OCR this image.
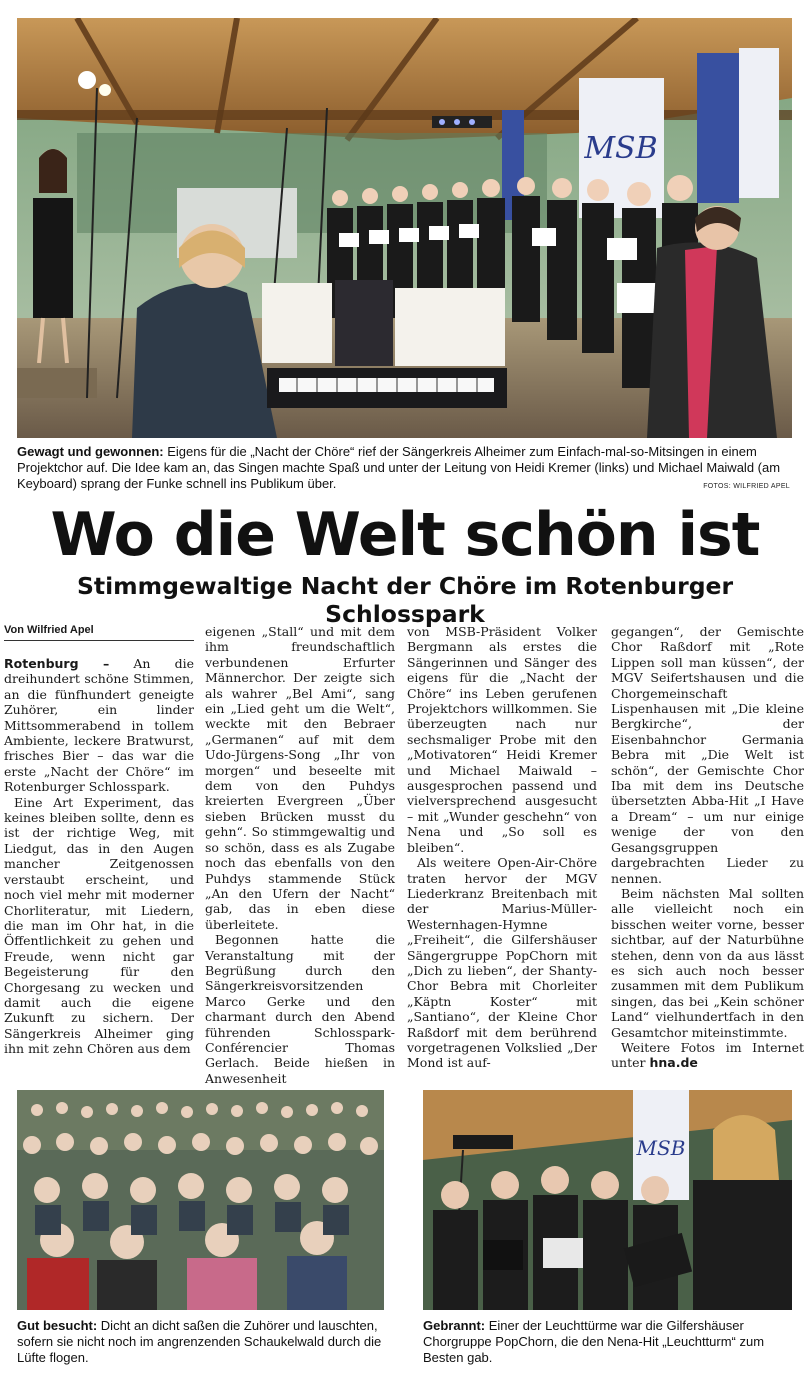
MSB

Gewagt und gewonnen: Eigens für die „Nacht der Chöre“ rief der Sängerkreis Alheimer zum Einfach-mal-so-Mitsingen in einem Projektchor auf. Die Idee kam an, das Singen machte Spaß und unter der Leitung von Heidi Kremer (links) und Michael Maiwald (am Keyboard) sprang der Funke schnell ins Publikum über.	FOTOS: WILFRIED APEL
Wo die Welt schön ist
Stimmgewaltige Nacht der Chöre im Rotenburger Schlosspark
Von Wilfried Apel

Rotenburg – An die dreihundert schöne Stimmen, an die fünfhundert geneigte Zuhörer, ein linder Mittsommerabend in tollem Ambiente, leckere Bratwurst, frisches Bier – das war die erste „Nacht der Chöre“ im Rotenburger Schlosspark.

Eine Art Experiment, das keines bleiben sollte, denn es ist der richtige Weg, mit Liedgut, das in den Augen mancher Zeitgenossen verstaubt erscheint, und noch viel mehr mit moderner Chorliteratur, mit Liedern, die man im Ohr hat, in die Öffentlichkeit zu gehen und Freude, wenn nicht gar Begeisterung für den Chorgesang zu wecken und damit auch die eigene Zukunft zu sichern. Der Sängerkreis Alheimer ging ihn mit zehn Chören aus dem

eigenen „Stall“ und mit dem ihm freundschaftlich verbundenen Erfurter Männerchor. Der zeigte sich als wahrer „Bel Ami“, sang ein „Lied geht um die Welt“, weckte mit den Bebraer „Germanen“ auf mit dem Udo-Jürgens-Song „Ihr von morgen“ und beseelte mit dem von den Puhdys kreierten Evergreen „Über sieben Brücken musst du gehn“. So stimmgewaltig und so schön, dass es als Zugabe noch das ebenfalls von den Puhdys stammende Stück „An den Ufern der Nacht“ gab, das in eben diese überleitete.

Begonnen hatte die Veranstaltung mit der Begrüßung durch den Sängerkreisvorsitzenden Marco Gerke und den charmant durch den Abend führenden Schlosspark-Conférencier Thomas Gerlach. Beide hießen in Anwesenheit

von MSB-Präsident Volker Bergmann als erstes die Sängerinnen und Sänger des eigens für die „Nacht der Chöre“ ins Leben gerufenen Projektchors willkommen. Sie überzeugten nach nur sechsmaliger Probe mit den „Motivatoren“ Heidi Kremer und Michael Maiwald – ausgesprochen passend und vielversprechend ausgesucht – mit „Wunder geschehn“ von Nena und „So soll es bleiben“.

Als weitere Open-Air-Chöre traten hervor der MGV Liederkranz Breitenbach mit der Marius-Müller-Westernhagen-Hymne „Freiheit“, die Gilfershäuser Sängergruppe PopChorn mit „Dich zu lieben“, der Shanty-Chor Bebra mit Chorleiter „Käptn Koster“ mit „Santiano“, der Kleine Chor Raßdorf mit dem berührend vorgetragenen Volkslied „Der Mond ist auf-

gegangen“, der Gemischte Chor Raßdorf mit „Rote Lippen soll man küssen“, der MGV Seifertshausen und die Chorgemeinschaft Lispenhausen mit „Die kleine Bergkirche“, der Eisenbahnchor Germania Bebra mit „Die Welt ist schön“, der Gemischte Chor Iba mit dem ins Deutsche übersetzten Abba-Hit „I Have a Dream“ – um nur einige wenige der von den Gesangsgruppen dargebrachten Lieder zu nennen.

Beim nächsten Mal sollten alle vielleicht noch ein bisschen weiter vorne, besser sichtbar, auf der Naturbühne stehen, denn von da aus lässt es sich auch noch besser zusammen mit dem Publikum singen, das bei „Kein schöner Land“ vielhundertfach in den Gesamtchor miteinstimmte.

Weitere Fotos im Internet unter hna.de

Gut besucht: Dicht an dicht saßen die Zuhörer und lauschten, sofern sie nicht noch im angrenzenden Schaukelwald durch die Lüfte flogen.

MSB

Gebrannt: Einer der Leuchttürme war die Gilfershäuser Chorgruppe PopChorn, die den Nena-Hit „Leuchtturm“ zum Besten gab.
